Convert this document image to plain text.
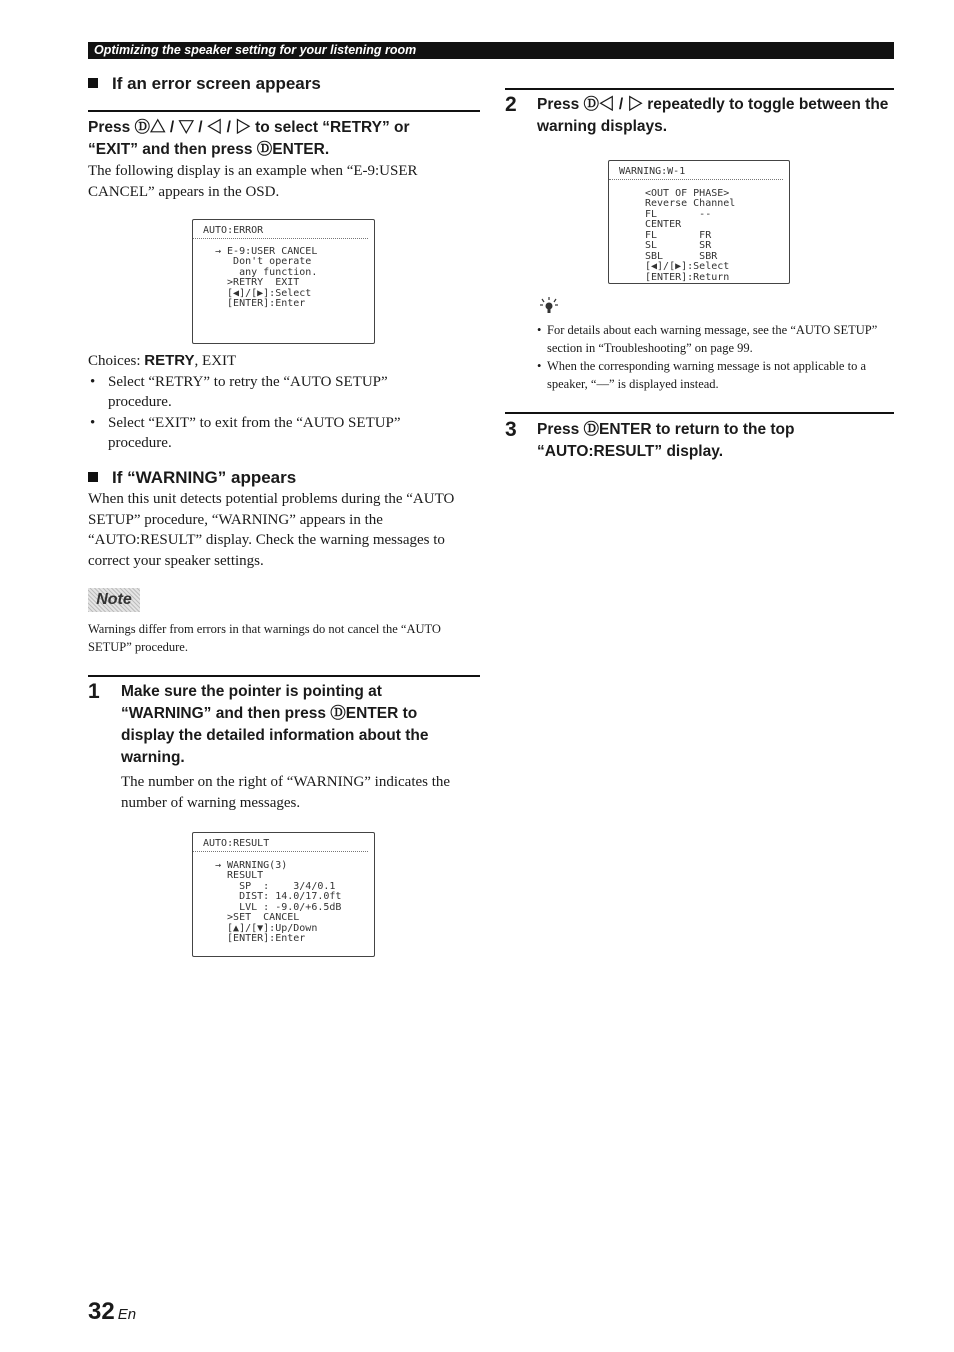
Optimizing the speaker setting for your listening room
If an error screen appears

Press Ⓓ△ / ▽ / ◁ / ▷ to select “RETRY” or

“EXIT” and then press ⒹENTER.

The following display is an example when “E-9:USER CANCEL” appears in the OSD.

AUTO:ERROR

→ E-9:USER CANCEL

Don't operate

any function.

>RETRY  EXIT

[◀]/[▶]:Select

[ENTER]:Enter

Choices: RETRY, EXIT

• Select “RETRY” to retry the “AUTO SETUP” procedure.
• Select “EXIT” to exit from the “AUTO SETUP” procedure.
If “WARNING” appears

When this unit detects potential problems during the “AUTO SETUP” procedure, “WARNING” appears in the “AUTO:RESULT” display. Check the warning messages to correct your speaker settings.

Note

Warnings differ from errors in that warnings do not cancel the “AUTO SETUP” procedure.

1 Make sure the pointer is pointing at “WARNING” and then press ⒹENTER to display the detailed information about the warning.

The number on the right of “WARNING” indicates the number of warning messages.

AUTO:RESULT

→ WARNING(3)

RESULT

SP  :    3/4/0.1

DIST: 14.0/17.0ft

LVL : -9.0/+6.5dB

>SET  CANCEL

[▲]/[▼]:Up/Down

[ENTER]:Enter

2 Press Ⓓ◁ / ▷ repeatedly to toggle between the warning displays.

WARNING:W-1

<OUT OF PHASE>

Reverse Channel

FL       --

CENTER

FL       FR

SL       SR

SBL      SBR

[◀]/[▶]:Select

[ENTER]:Return

• For details about each warning message, see the “AUTO SETUP” section in “Troubleshooting” on page 99.
• When the corresponding warning message is not applicable to a speaker, “––” is displayed instead.
3 Press ⒹENTER to return to the top “AUTO:RESULT” display.

32 En
